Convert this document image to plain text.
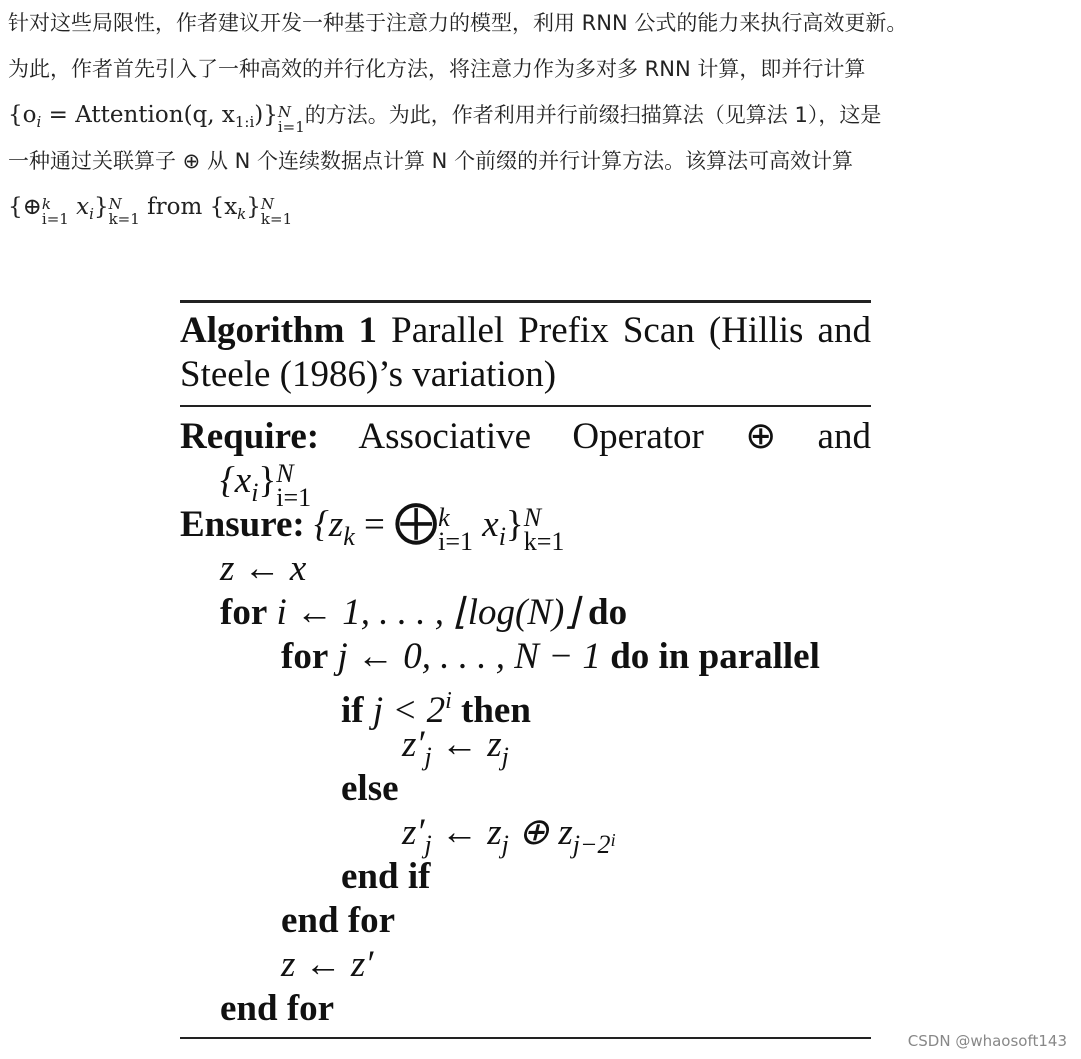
针对这些局限性，作者建议开发一种基于注意力的模型，利用 RNN 公式的能力来执行高效更新。
为此，作者首先引入了一种高效的并行化方法，将注意力作为多对多 RNN 计算，即并行计算
{$o_i$ = Attention(q, $x_{1:i}$)} N
i=1 的方法。为此，作者利用并行前缀扫描算法（见算法 1），这是
一种通过关联算子 ⊕ 从 N 个连续数据点计算 N 个前缀的并行计算方法。该算法可高效计算
{⊕ k
i=1 $x_i$} N
k=1 from $\{x_k\}$ N
k=1
Algorithm 1 Parallel Prefix Scan (Hillis and Steele (1986)’s variation)
Require: Associative Operator ⊕ and
$\{x_i\}$ N
i=1
Ensure: {$z_k$ = ⨁ k
i=1 $x_i$} N
k=1
z ← x
for i ← 1, . . . , ⌊log(N)⌋ do
for j ← 0, . . . , N − 1 do in parallel
if $j < 2^i$ then
$z'_j$ ← $z_j$
else
$z'_j$ ← $z_j$ ⊕ $z_{j-2}i$
end if
end for
z ← z′
end for
CSDN @whaosoft143
